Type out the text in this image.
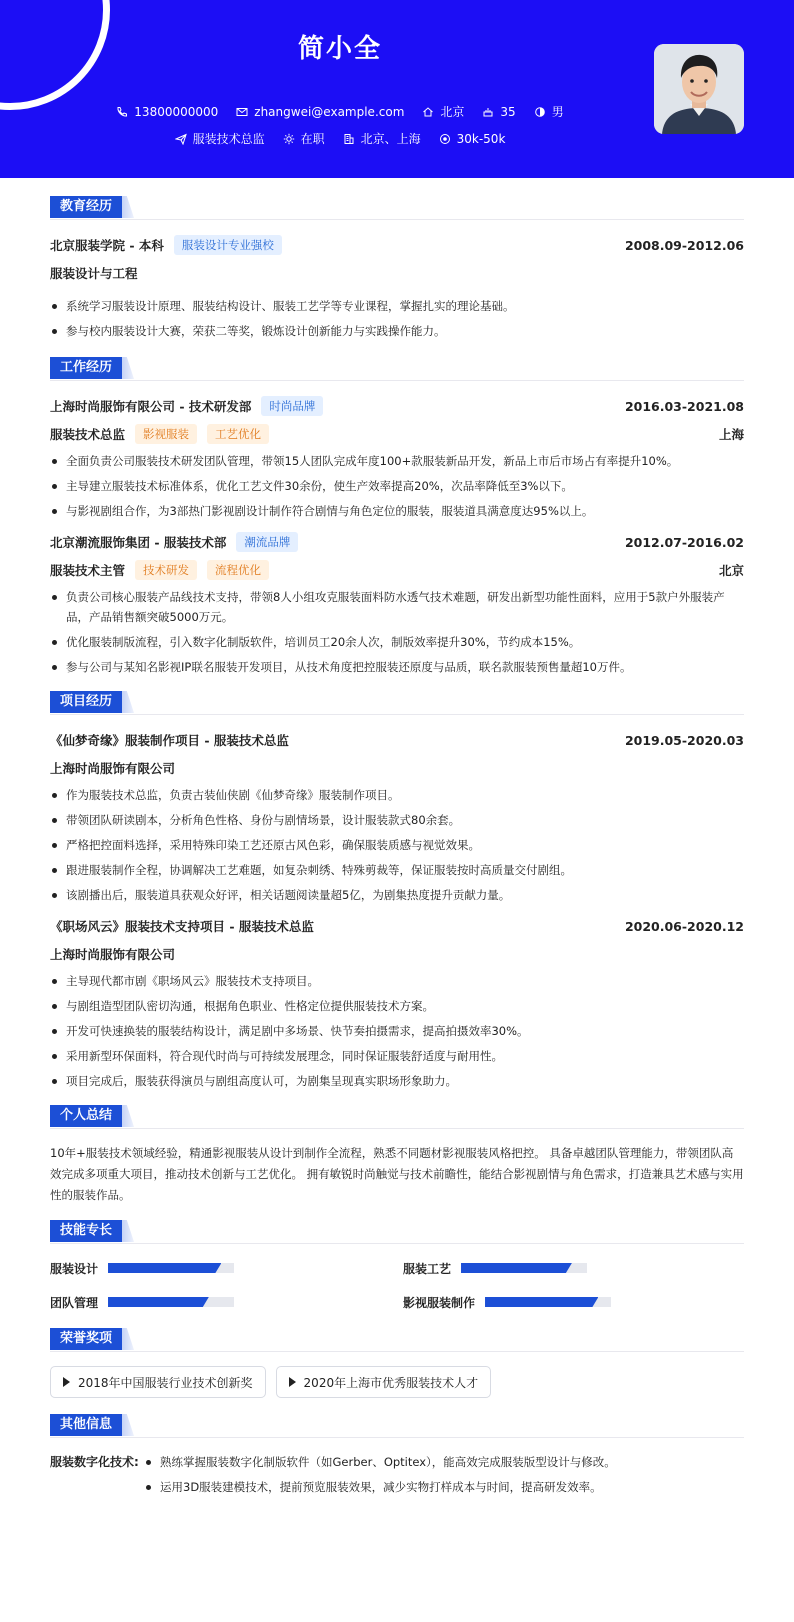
简小全
13800000000	zhangwei@example.com	北京	35	男
服装技术总监	在职	北京、上海	30k-50k
教育经历
北京服装学院 - 本科	服装设计专业强校	2008.09-2012.06
服装设计与工程
系统学习服装设计原理、服装结构设计、服装工艺学等专业课程，掌握扎实的理论基础。
参与校内服装设计大赛，荣获二等奖，锻炼设计创新能力与实践操作能力。
工作经历
上海时尚服饰有限公司 - 技术研发部	时尚品牌	2016.03-2021.08
服装技术总监	影视服装	工艺优化	上海
全面负责公司服装技术研发团队管理，带领15人团队完成年度100+款服装新品开发，新品上市后市场占有率提升10%。
主导建立服装技术标准体系，优化工艺文件30余份，使生产效率提高20%，次品率降低至3%以下。
与影视剧组合作，为3部热门影视剧设计制作符合剧情与角色定位的服装，服装道具满意度达95%以上。
北京潮流服饰集团 - 服装技术部	潮流品牌	2012.07-2016.02
服装技术主管	技术研发	流程优化	北京
负责公司核心服装产品线技术支持，带领8人小组攻克服装面料防水透气技术难题，研发出新型功能性面料，应用于5款户外服装产品，产品销售额突破5000万元。
优化服装制版流程，引入数字化制版软件，培训员工20余人次，制版效率提升30%，节约成本15%。
参与公司与某知名影视IP联名服装开发项目，从技术角度把控服装还原度与品质，联名款服装预售量超10万件。
项目经历
《仙梦奇缘》服装制作项目 - 服装技术总监	2019.05-2020.03
上海时尚服饰有限公司
作为服装技术总监，负责古装仙侠剧《仙梦奇缘》服装制作项目。
带领团队研读剧本，分析角色性格、身份与剧情场景，设计服装款式80余套。
严格把控面料选择，采用特殊印染工艺还原古风色彩，确保服装质感与视觉效果。
跟进服装制作全程，协调解决工艺难题，如复杂刺绣、特殊剪裁等，保证服装按时高质量交付剧组。
该剧播出后，服装道具获观众好评，相关话题阅读量超5亿，为剧集热度提升贡献力量。
《职场风云》服装技术支持项目 - 服装技术总监	2020.06-2020.12
上海时尚服饰有限公司
主导现代都市剧《职场风云》服装技术支持项目。
与剧组造型团队密切沟通，根据角色职业、性格定位提供服装技术方案。
开发可快速换装的服装结构设计，满足剧中多场景、快节奏拍摄需求，提高拍摄效率30%。
采用新型环保面料，符合现代时尚与可持续发展理念，同时保证服装舒适度与耐用性。
项目完成后，服装获得演员与剧组高度认可，为剧集呈现真实职场形象助力。
个人总结
10年+服装技术领域经验，精通影视服装从设计到制作全流程，熟悉不同题材影视服装风格把控。 具备卓越团队管理能力，带领团队高效完成多项重大项目，推动技术创新与工艺优化。 拥有敏锐时尚触觉与技术前瞻性，能结合影视剧情与角色需求，打造兼具艺术感与实用性的服装作品。
技能专长
服装设计	服装工艺
团队管理	影视服装制作
荣誉奖项
2018年中国服装行业技术创新奖	2020年上海市优秀服装技术人才
其他信息
服装数字化技术:	熟练掌握服装数字化制版软件（如Gerber、Optitex），能高效完成服装版型设计与修改。
运用3D服装建模技术，提前预览服装效果，减少实物打样成本与时间，提高研发效率。
